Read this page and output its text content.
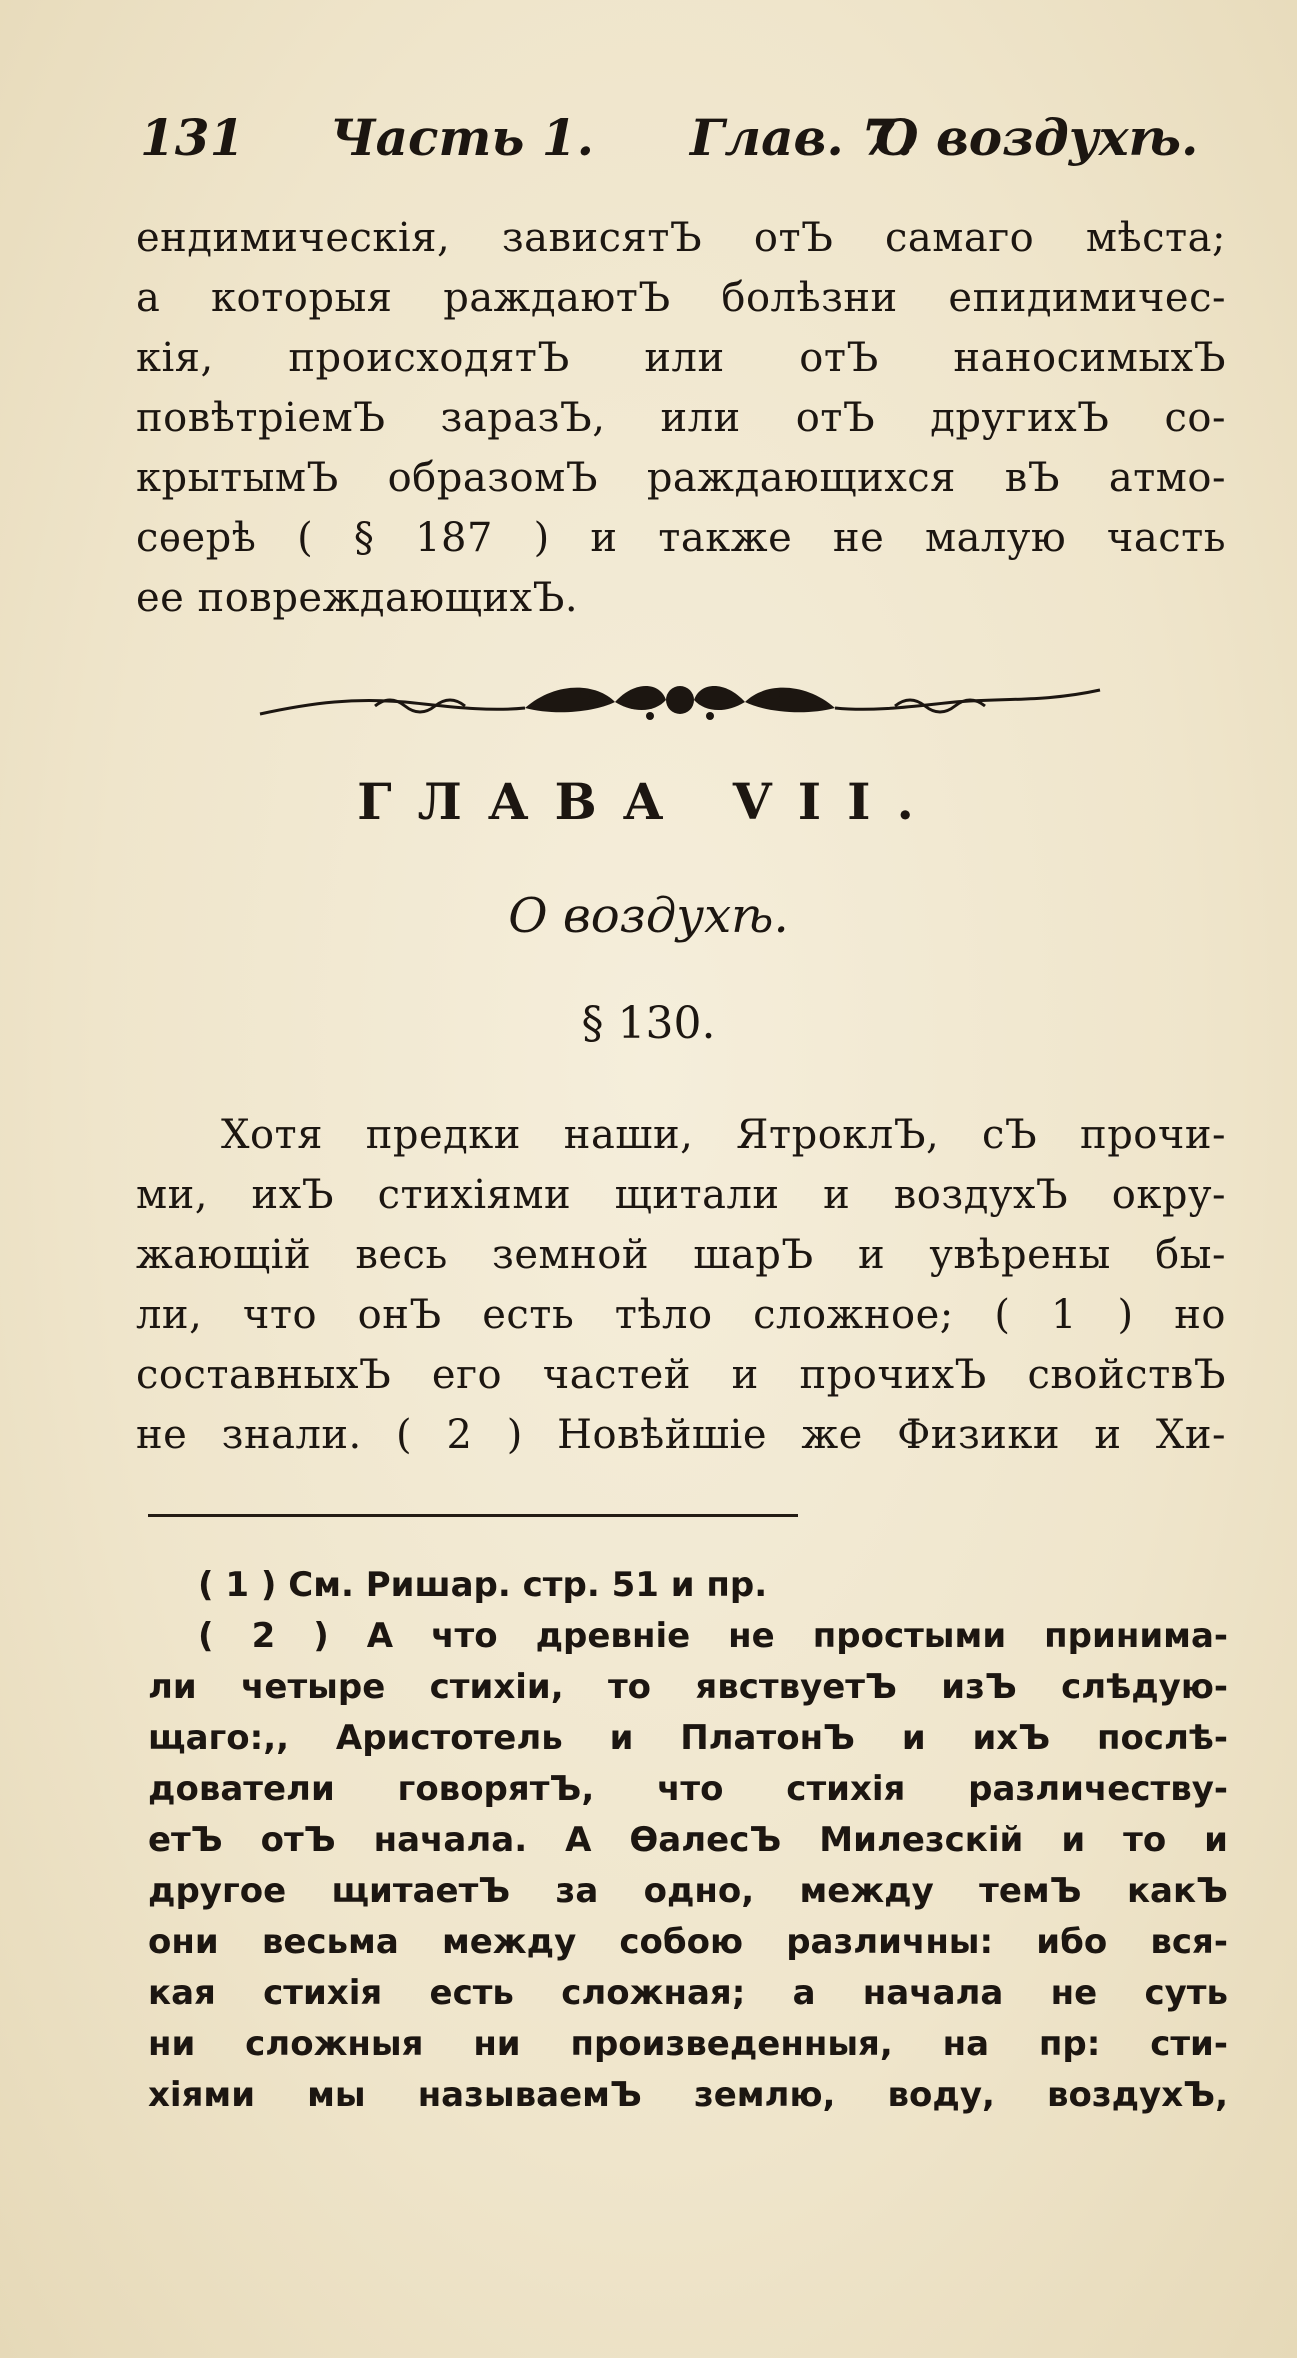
131 Часть 1. Глав. 7.
О воздухѣ.
ендимическія, зависятЪ отЪ самаго мѣста;
а которыя раждаютЪ болѣзни епидимичес-
кія, происходятЪ или отЪ наносимыхЪ
повѣтріемЪ заразЪ, или отЪ другихЪ со-
крытымЪ образомЪ раждающихся вЪ атмо-
сѳерѣ ( § 187 ) и также не малую часть
ее повреждающихЪ.
ГЛАВА VII.
О воздухѣ.
§ 130.
Хотя предки наши, ЯтроклЪ, сЪ прочи-
ми, ихЪ стихіями щитали и воздухЪ окру-
жающій весь земной шарЪ и увѣрены бы-
ли, что онЪ есть тѣло сложное; ( 1 ) но
составныхЪ его частей и прочихЪ свойствЪ
не знали. ( 2 ) Новѣйшіе же Физики и Хи-
( 1 ) См. Ришар. стр. 51 и пр.
( 2 ) А что древніе не простыми принима-
ли четыре стихіи, то явствуетЪ изЪ слѣдую-
щаго:,, Аристотель и ПлатонЪ и ихЪ послѣ-
дователи говорятЪ, что стихія различеству-
етЪ отЪ начала. А ѲалесЪ Милезскій и то и
другое щитаетЪ за одно, между темЪ какЪ
они весьма между собою различны: ибо вся-
кая стихія есть сложная; а начала не суть
ни сложныя ни произведенныя, на пр: сти-
хіями мы называемЪ землю, воду, воздухЪ,
